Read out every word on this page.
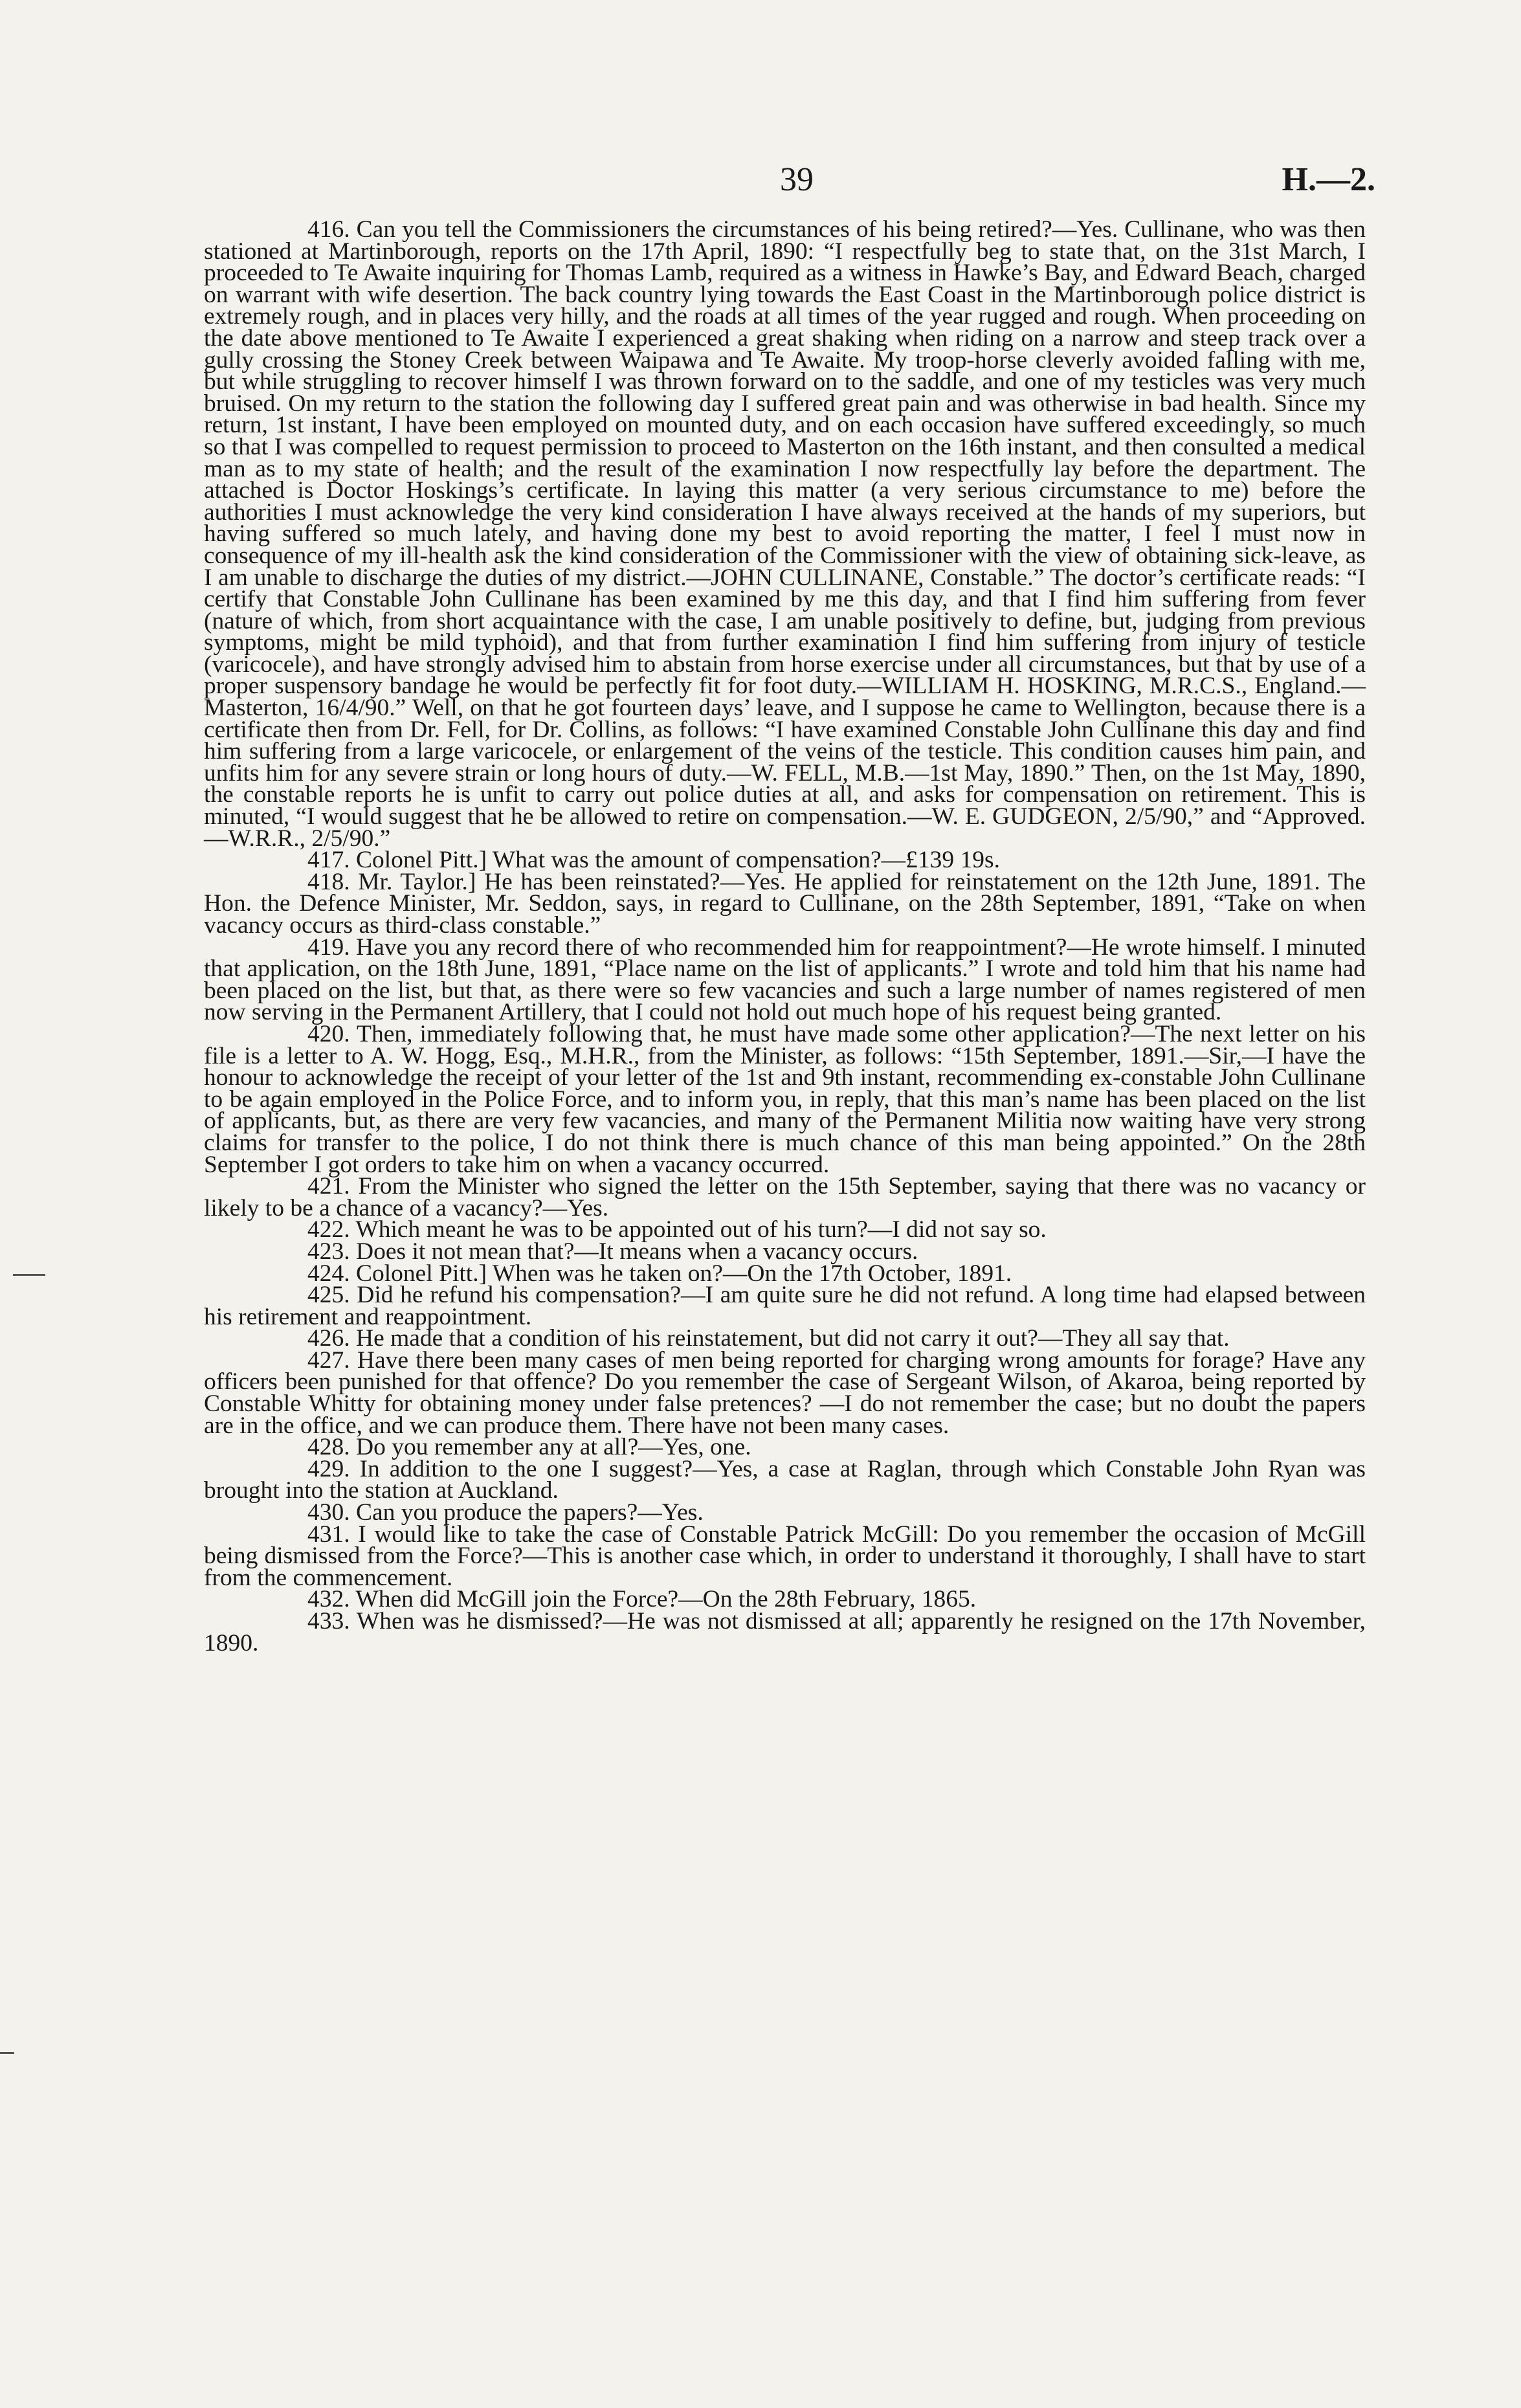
39	H.—2.

416. Can you tell the Commissioners the circumstances of his being retired?—Yes. Cullinane, who was then stationed at Martinborough, reports on the 17th April, 1890: “I respectfully beg to state that, on the 31st March, I proceeded to Te Awaite inquiring for Thomas Lamb, required as a witness in Hawke’s Bay, and Edward Beach, charged on warrant with wife desertion. The back country lying towards the East Coast in the Martinborough police district is extremely rough, and in places very hilly, and the roads at all times of the year rugged and rough. When proceeding on the date above mentioned to Te Awaite I experienced a great shaking when riding on a narrow and steep track over a gully crossing the Stoney Creek between Waipawa and Te Awaite. My troop-horse cleverly avoided falling with me, but while struggling to recover himself I was thrown forward on to the saddle, and one of my testicles was very much bruised. On my return to the station the following day I suffered great pain and was otherwise in bad health. Since my return, 1st instant, I have been employed on mounted duty, and on each occasion have suffered exceedingly, so much so that I was compelled to request permission to proceed to Masterton on the 16th instant, and then consulted a medical man as to my state of health; and the result of the examination I now respectfully lay before the department. The attached is Doctor Hoskings’s certificate. In laying this matter (a very serious circumstance to me) before the authorities I must acknowledge the very kind consideration I have always received at the hands of my superiors, but having suffered so much lately, and having done my best to avoid reporting the matter, I feel I must now in consequence of my ill-health ask the kind consideration of the Commissioner with the view of obtaining sick-leave, as I am unable to discharge the duties of my district.—JOHN CULLINANE, Constable.” The doctor’s certificate reads: “I certify that Constable John Cullinane has been examined by me this day, and that I find him suffering from fever (nature of which, from short acquaintance with the case, I am unable positively to define, but, judging from previous symptoms, might be mild typhoid), and that from further examination I find him suffering from injury of testicle (varicocele), and have strongly advised him to abstain from horse exercise under all circumstances, but that by use of a proper suspensory bandage he would be perfectly fit for foot duty.—WILLIAM H. HOSKING, M.R.C.S., England.—Masterton, 16/4/90.” Well, on that he got fourteen days’ leave, and I suppose he came to Wellington, because there is a certificate then from Dr. Fell, for Dr. Collins, as follows: “I have examined Constable John Cullinane this day and find him suffering from a large varicocele, or enlargement of the veins of the testicle. This condition causes him pain, and unfits him for any severe strain or long hours of duty.—W. FELL, M.B.—1st May, 1890.” Then, on the 1st May, 1890, the constable reports he is unfit to carry out police duties at all, and asks for compensation on retirement. This is minuted, “I would suggest that he be allowed to retire on compensation.—W. E. GUDGEON, 2/5/90,” and “Approved.—W.R.R., 2/5/90.”

417. Colonel Pitt.] What was the amount of compensation?—£139 19s.

418. Mr. Taylor.] He has been reinstated?—Yes. He applied for reinstatement on the 12th June, 1891. The Hon. the Defence Minister, Mr. Seddon, says, in regard to Cullinane, on the 28th September, 1891, “Take on when vacancy occurs as third-class constable.”

419. Have you any record there of who recommended him for reappointment?—He wrote himself. I minuted that application, on the 18th June, 1891, “Place name on the list of applicants.” I wrote and told him that his name had been placed on the list, but that, as there were so few vacancies and such a large number of names registered of men now serving in the Permanent Artillery, that I could not hold out much hope of his request being granted.

420. Then, immediately following that, he must have made some other application?—The next letter on his file is a letter to A. W. Hogg, Esq., M.H.R., from the Minister, as follows: “15th September, 1891.—Sir,—I have the honour to acknowledge the receipt of your letter of the 1st and 9th instant, recommending ex-constable John Cullinane to be again employed in the Police Force, and to inform you, in reply, that this man’s name has been placed on the list of applicants, but, as there are very few vacancies, and many of the Permanent Militia now waiting have very strong claims for transfer to the police, I do not think there is much chance of this man being appointed.” On the 28th September I got orders to take him on when a vacancy occurred.

421. From the Minister who signed the letter on the 15th September, saying that there was no vacancy or likely to be a chance of a vacancy?—Yes.

422. Which meant he was to be appointed out of his turn?—I did not say so.

423. Does it not mean that?—It means when a vacancy occurs.

424. Colonel Pitt.] When was he taken on?—On the 17th October, 1891.

425. Did he refund his compensation?—I am quite sure he did not refund. A long time had elapsed between his retirement and reappointment.

426. He made that a condition of his reinstatement, but did not carry it out?—They all say that.

427. Have there been many cases of men being reported for charging wrong amounts for forage? Have any officers been punished for that offence? Do you remember the case of Sergeant Wilson, of Akaroa, being reported by Constable Whitty for obtaining money under false pretences? —I do not remember the case; but no doubt the papers are in the office, and we can produce them. There have not been many cases.

428. Do you remember any at all?—Yes, one.

429. In addition to the one I suggest?—Yes, a case at Raglan, through which Constable John Ryan was brought into the station at Auckland.

430. Can you produce the papers?—Yes.

431. I would like to take the case of Constable Patrick McGill: Do you remember the occasion of McGill being dismissed from the Force?—This is another case which, in order to understand it thoroughly, I shall have to start from the commencement.

432. When did McGill join the Force?—On the 28th February, 1865.

433. When was he dismissed?—He was not dismissed at all; apparently he resigned on the 17th November, 1890.
